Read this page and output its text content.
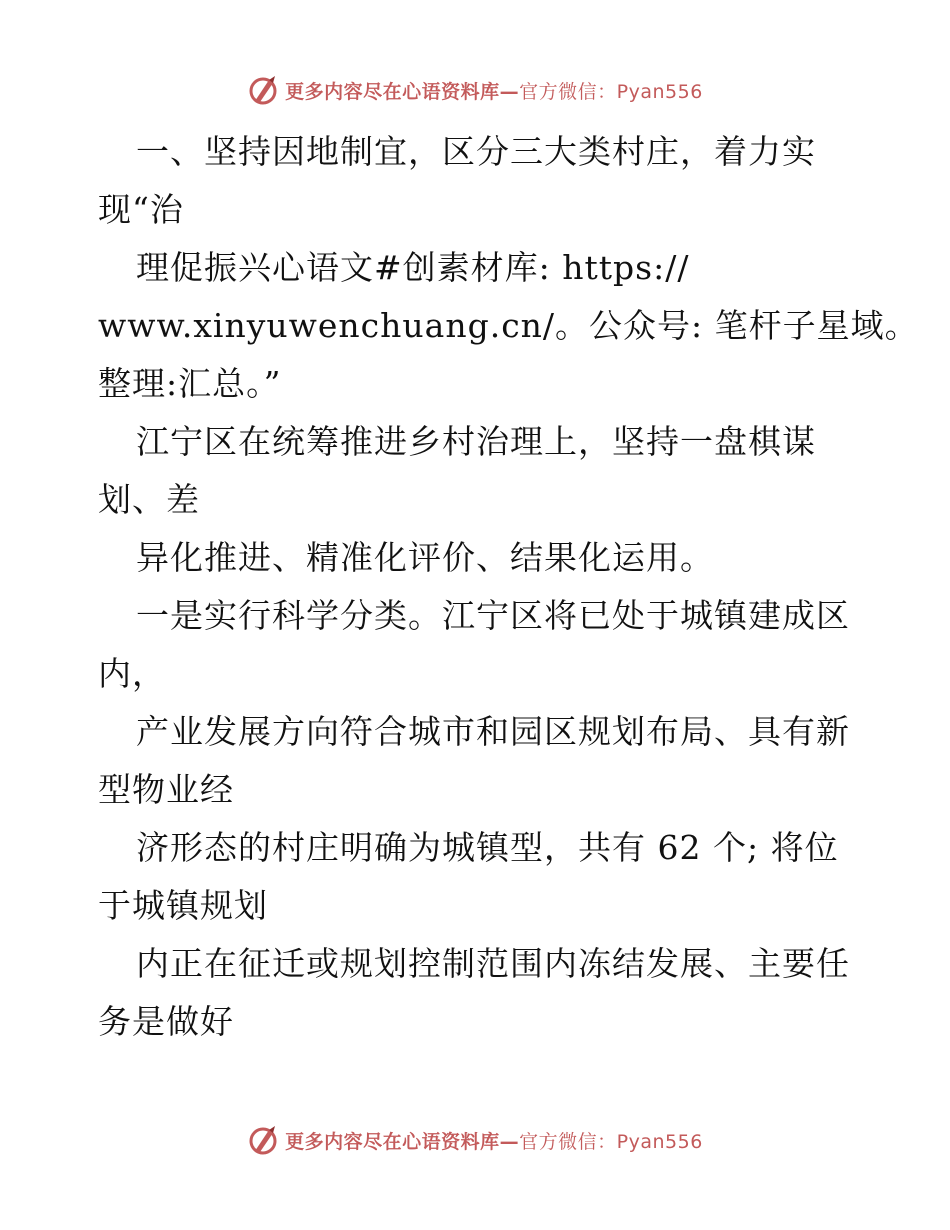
更多内容尽在心语资料库—官方微信：Pyan556
一、坚持因地制宜，区分三大类村庄，着力实
现“治
理促振兴心语文#创素材库: https://
www.xinyuwenchuang.cn/。公众号: 笔杆子星域。
整理:汇总。”
江宁区在统筹推进乡村治理上，坚持一盘棋谋
划、差
异化推进、精准化评价、结果化运用。
一是实行科学分类。江宁区将已处于城镇建成区
内，
产业发展方向符合城市和园区规划布局、具有新
型物业经
济形态的村庄明确为城镇型，共有 62 个; 将位
于城镇规划
内正在征迁或规划控制范围内冻结发展、主要任
务是做好
更多内容尽在心语资料库—官方微信：Pyan556
